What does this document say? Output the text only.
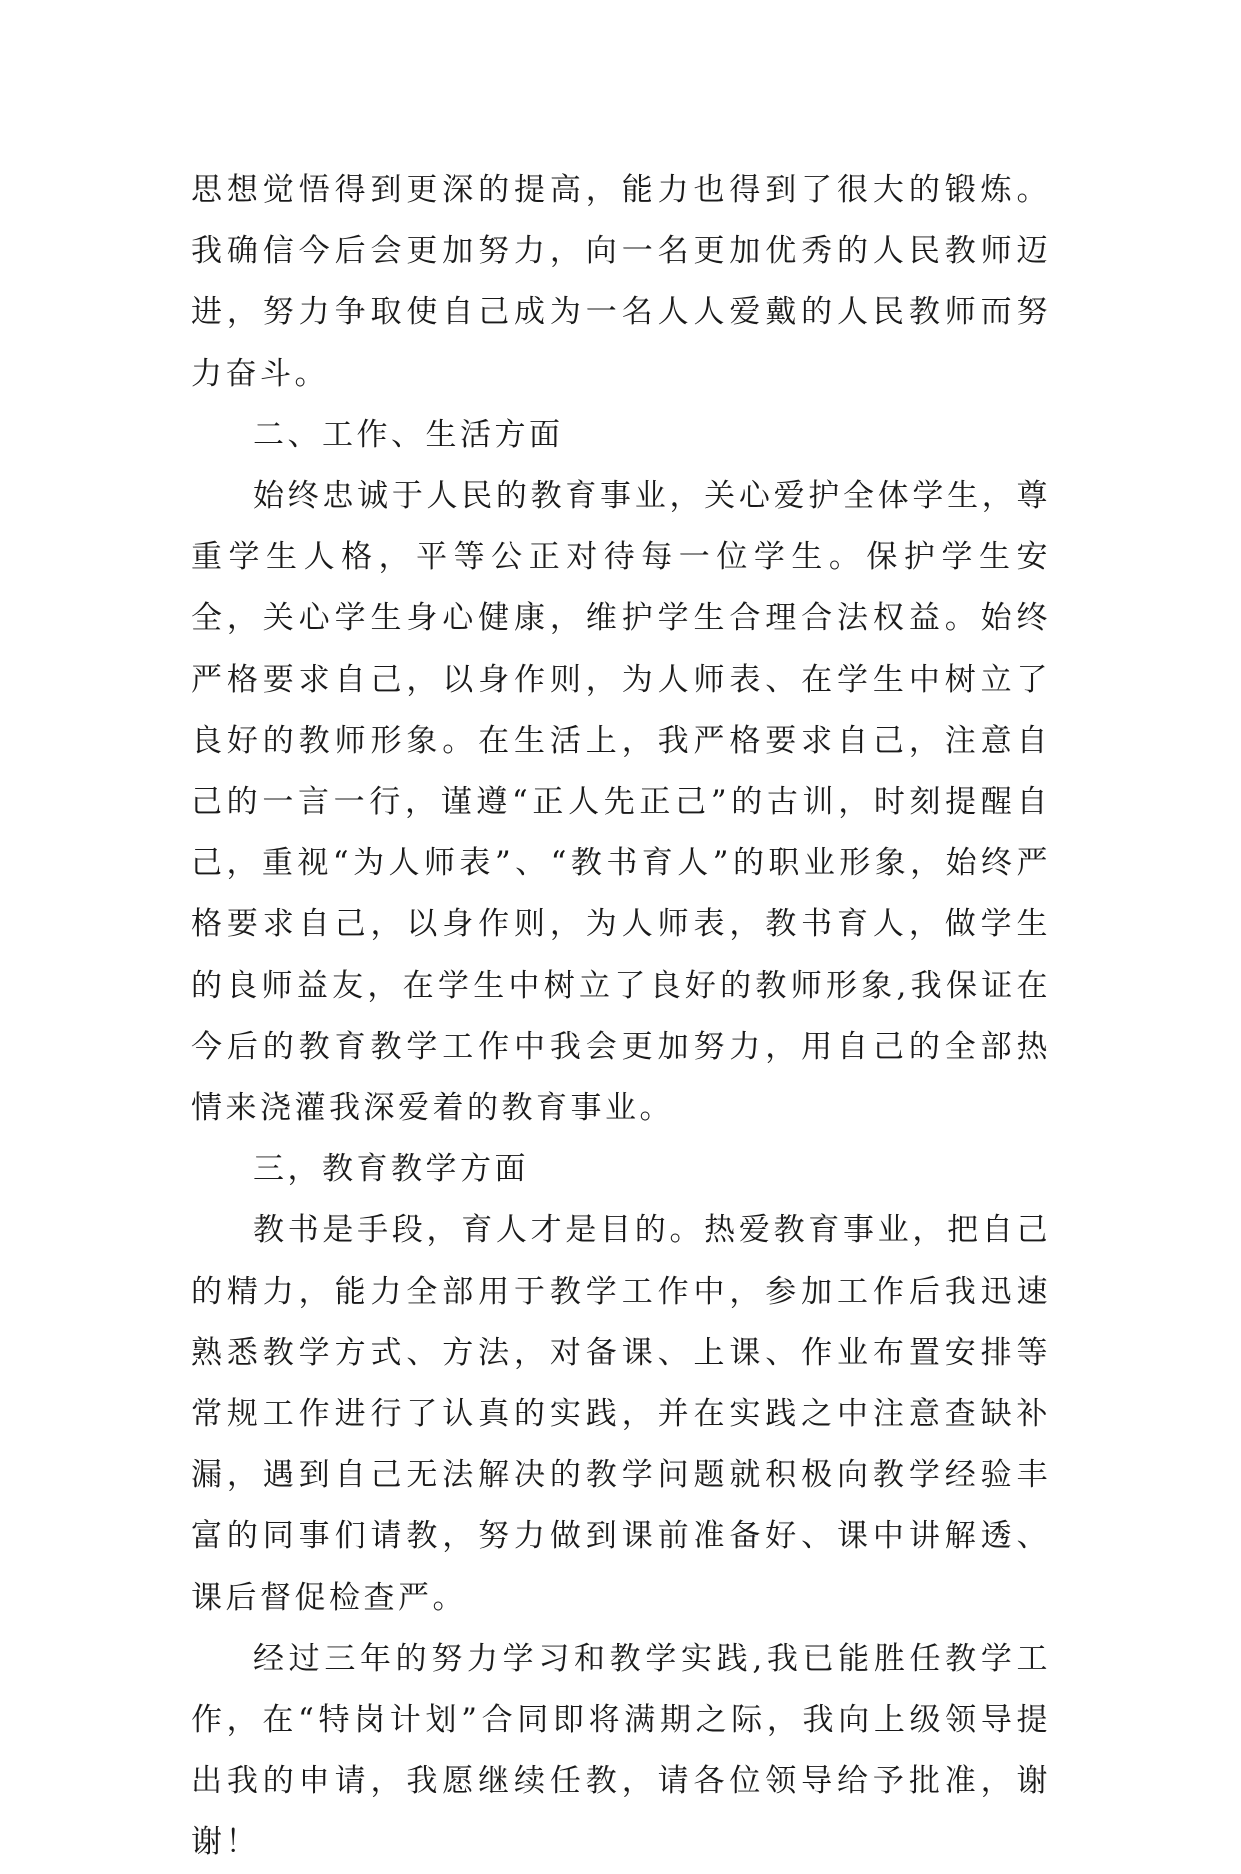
思想觉悟得到更深的提高，能力也得到了很大的锻炼。我确信今后会更加努力，向一名更加优秀的人民教师迈进，努力争取使自己成为一名人人爱戴的人民教师而努力奋斗。

二、工作、生活方面

始终忠诚于人民的教育事业，关心爱护全体学生，尊重学生人格，平等公正对待每一位学生。保护学生安全，关心学生身心健康，维护学生合理合法权益。始终严格要求自己，以身作则，为人师表、在学生中树立了良好的教师形象。在生活上，我严格要求自己，注意自己的一言一行，谨遵“正人先正己”的古训，时刻提醒自己，重视“为人师表”、“教书育人”的职业形象，始终严格要求自己，以身作则，为人师表，教书育人，做学生的良师益友，在学生中树立了良好的教师形象,我保证在今后的教育教学工作中我会更加努力，用自己的全部热情来浇灌我深爱着的教育事业。

三，教育教学方面

教书是手段，育人才是目的。热爱教育事业，把自己的精力，能力全部用于教学工作中，参加工作后我迅速熟悉教学方式、方法，对备课、上课、作业布置安排等常规工作进行了认真的实践，并在实践之中注意查缺补漏，遇到自己无法解决的教学问题就积极向教学经验丰富的同事们请教，努力做到课前准备好、课中讲解透、课后督促检查严。

经过三年的努力学习和教学实践,我已能胜任教学工作，在“特岗计划”合同即将满期之际，我向上级领导提出我的申请，我愿继续任教，请各位领导给予批准，谢谢！
